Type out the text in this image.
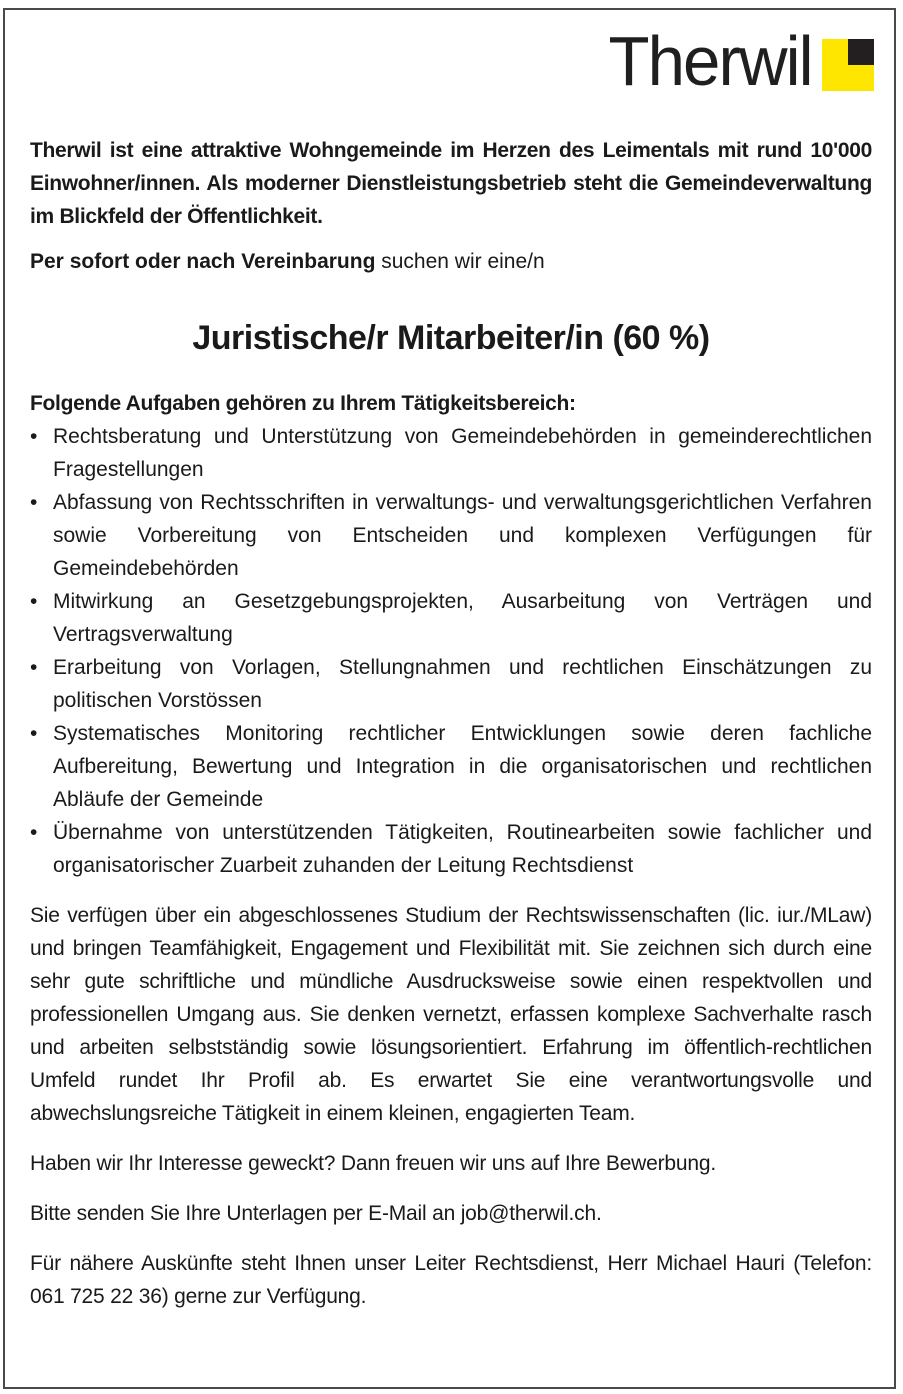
Therwil

Therwil ist eine attraktive Wohngemeinde im Herzen des Leimentals mit rund 10'000 Einwohner/innen. Als moderner Dienstleistungsbetrieb steht die Gemeindeverwaltung im Blickfeld der Öffentlichkeit.

Per sofort oder nach Vereinbarung suchen wir eine/n

Juristische/r Mitarbeiter/in (60 %)

Folgende Aufgaben gehören zu Ihrem Tätigkeitsbereich:

• Rechtsberatung und Unterstützung von Gemeindebehörden in gemeinderechtlichen Fragestellungen
• Abfassung von Rechtsschriften in verwaltungs- und verwaltungsgerichtlichen Verfahren sowie Vorbereitung von Entscheiden und komplexen Verfügungen für Gemeindebehörden
• Mitwirkung an Gesetzgebungsprojekten, Ausarbeitung von Verträgen und Vertragsverwaltung
• Erarbeitung von Vorlagen, Stellungnahmen und rechtlichen Einschätzungen zu politischen Vorstössen
• Systematisches Monitoring rechtlicher Entwicklungen sowie deren fachliche Aufbereitung, Bewertung und Integration in die organisatorischen und rechtlichen Abläufe der Gemeinde
• Übernahme von unterstützenden Tätigkeiten, Routinearbeiten sowie fachlicher und organisatorischer Zuarbeit zuhanden der Leitung Rechtsdienst

Sie verfügen über ein abgeschlossenes Studium der Rechtswissenschaften (lic. iur./MLaw) und bringen Teamfähigkeit, Engagement und Flexibilität mit. Sie zeichnen sich durch eine sehr gute schriftliche und mündliche Ausdrucksweise sowie einen respektvollen und professionellen Umgang aus. Sie denken vernetzt, erfassen komplexe Sachverhalte rasch und arbeiten selbstständig sowie lösungsorientiert. Erfahrung im öffentlich-rechtlichen Umfeld rundet Ihr Profil ab. Es erwartet Sie eine verantwortungsvolle und abwechslungsreiche Tätigkeit in einem kleinen, engagierten Team.

Haben wir Ihr Interesse geweckt? Dann freuen wir uns auf Ihre Bewerbung.

Bitte senden Sie Ihre Unterlagen per E-Mail an job@therwil.ch.

Für nähere Auskünfte steht Ihnen unser Leiter Rechtsdienst, Herr Michael Hauri (Telefon: 061 725 22 36) gerne zur Verfügung.
